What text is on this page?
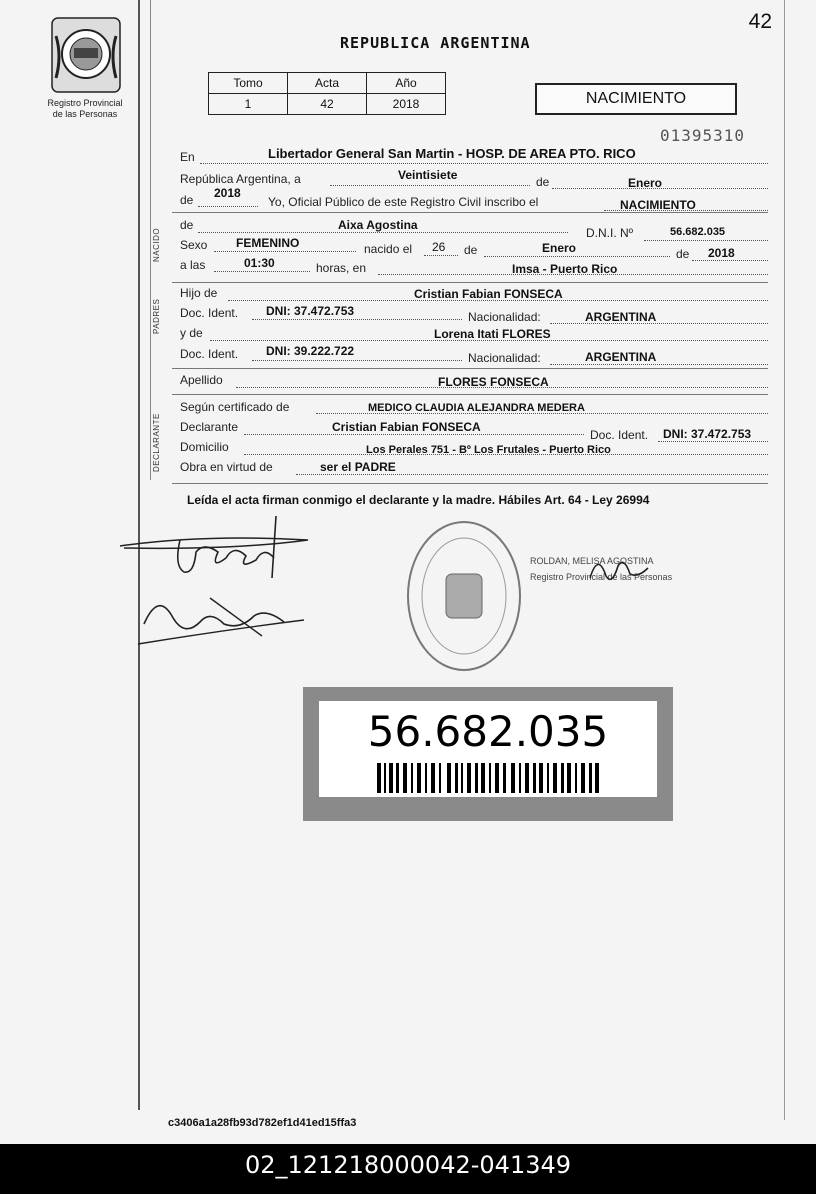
Registro Provincial
de las Personas
42
REPUBLICA ARGENTINA
Tomo	Acta	Año
1	42	2018	NACIMIENTO
01395310
En	Libertador General San Martin - HOSP. DE AREA PTO. RICO
República Argentina, a	Veintisiete	de	Enero
de 2018
Yo, Oficial Público de este Registro Civil inscribo el	NACIMIENTO
NACIDO
de	Aixa Agostina
D.N.I. Nº	56.682.035
Sexo FEMENINO	nacido el 26 de	Enero	de 2018
a las	01:30	horas, en	Imsa - Puerto Rico
PADRES
Hijo de	Cristian Fabian FONSECA
Doc. Ident. DNI: 37.472.753	Nacionalidad:	ARGENTINA
y de	Lorena Itati FLORES
Doc. Ident. DNI: 39.222.722	Nacionalidad:	ARGENTINA
Apellido	FLORES FONSECA
DECLARANTE
Según certificado de	MEDICO CLAUDIA ALEJANDRA MEDERA
Declarante	Cristian Fabian FONSECA
Doc. Ident. DNI: 37.472.753
Domicilio	Los Perales 751 - Bº Los Frutales - Puerto Rico
Obra en virtud de	ser el PADRE
Leída el acta firman conmigo el declarante y la madre. Hábiles Art. 64 - Ley 26994
ROLDAN, MELISA AGOSTINA
Registro Provincial de las Personas
56.682.035
c3406a1a28fb93d782ef1d41ed15ffa3
02_121218000042-041349
